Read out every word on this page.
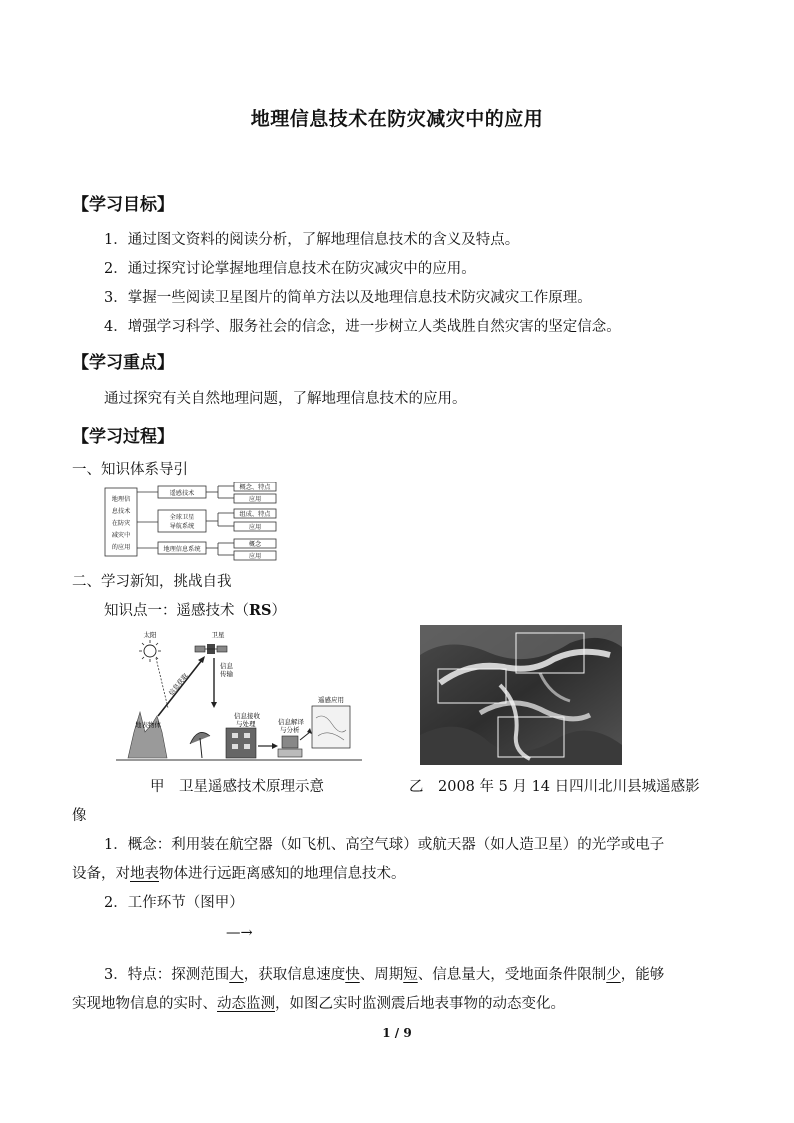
地理信息技术在防灾减灾中的应用
【学习目标】
1．通过图文资料的阅读分析，了解地理信息技术的含义及特点。
2．通过探究讨论掌握地理信息技术在防灾减灾中的应用。
3．掌握一些阅读卫星图片的简单方法以及地理信息技术防灾减灾工作原理。
4．增强学习科学、服务社会的信念，进一步树立人类战胜自然灾害的坚定信念。
【学习重点】
通过探究有关自然地理问题，了解地理信息技术的应用。
【学习过程】
一、知识体系导引
地理信
息技术
在防灾
减灾中
的应用
遥感技术
全球卫星
导航系统
地理信息系统
概念、特点
应用
组成、特点
应用
概念
应用
二、学习新知，挑战自我
知识点一：遥感技术（RS）
太阳	卫星
信息获取
信息
传输
地表物体
信息接收
与处理	信息解译
与分析
遥感应用
甲　卫星遥感技术原理示意	乙　2008 年 5 月 14 日四川北川县城遥感影
像
1．概念：利用装在航空器（如飞机、高空气球）或航天器（如人造卫星）的光学或电子
设备，对地表物体进行远距离感知的地理信息技术。
2．工作环节（图甲）
—→
3．特点：探测范围大，获取信息速度快、周期短、信息量大，受地面条件限制少，能够
实现地物信息的实时、动态监测，如图乙实时监测震后地表事物的动态变化。
1 / 9
